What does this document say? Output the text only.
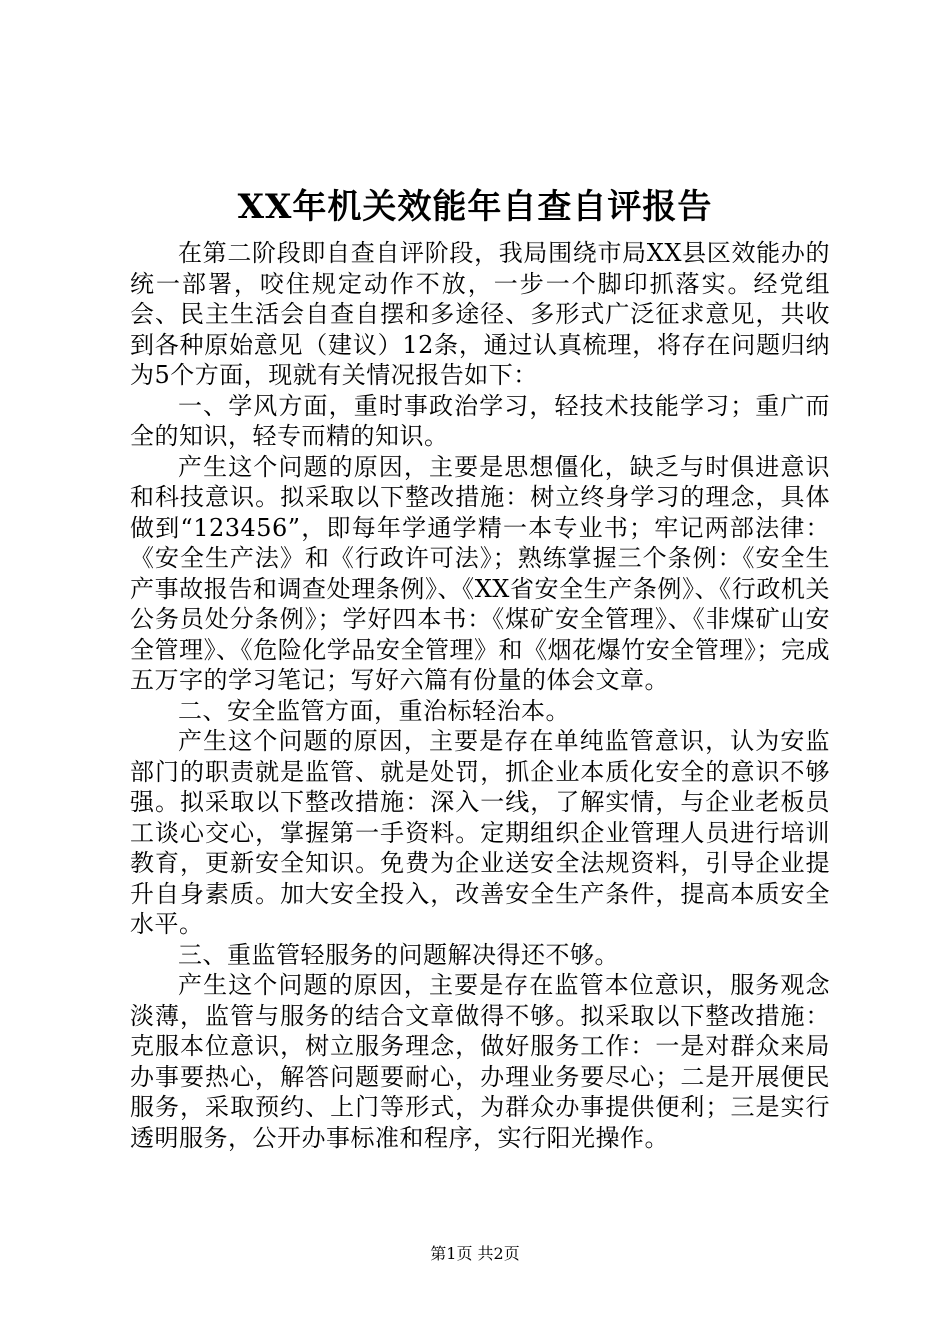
XX年机关效能年自查自评报告

在第二阶段即自查自评阶段，我局围绕市局XX县区效能办的统一部署，咬住规定动作不放，一步一个脚印抓落实。经党组会、民主生活会自查自摆和多途径、多形式广泛征求意见，共收到各种原始意见（建议）12条，通过认真梳理，将存在问题归纳为5个方面，现就有关情况报告如下：

一、学风方面，重时事政治学习，轻技术技能学习；重广而全的知识，轻专而精的知识。

产生这个问题的原因，主要是思想僵化，缺乏与时俱进意识和科技意识。拟采取以下整改措施：树立终身学习的理念，具体做到“123456”，即每年学通学精一本专业书；牢记两部法律：《安全生产法》和《行政许可法》；熟练掌握三个条例：《安全生产事故报告和调查处理条例》、《XX省安全生产条例》、《行政机关公务员处分条例》；学好四本书：《煤矿安全管理》、《非煤矿山安全管理》、《危险化学品安全管理》和《烟花爆竹安全管理》；完成五万字的学习笔记；写好六篇有份量的体会文章。

二、安全监管方面，重治标轻治本。

产生这个问题的原因，主要是存在单纯监管意识，认为安监部门的职责就是监管、就是处罚，抓企业本质化安全的意识不够强。拟采取以下整改措施：深入一线，了解实情，与企业老板员工谈心交心，掌握第一手资料。定期组织企业管理人员进行培训教育，更新安全知识。免费为企业送安全法规资料，引导企业提升自身素质。加大安全投入，改善安全生产条件，提高本质安全水平。

三、重监管轻服务的问题解决得还不够。

产生这个问题的原因，主要是存在监管本位意识，服务观念淡薄，监管与服务的结合文章做得不够。拟采取以下整改措施：克服本位意识，树立服务理念，做好服务工作：一是对群众来局办事要热心，解答问题要耐心，办理业务要尽心；二是开展便民服务，采取预约、上门等形式，为群众办事提供便利；三是实行透明服务，公开办事标准和程序，实行阳光操作。

第1页 共2页
